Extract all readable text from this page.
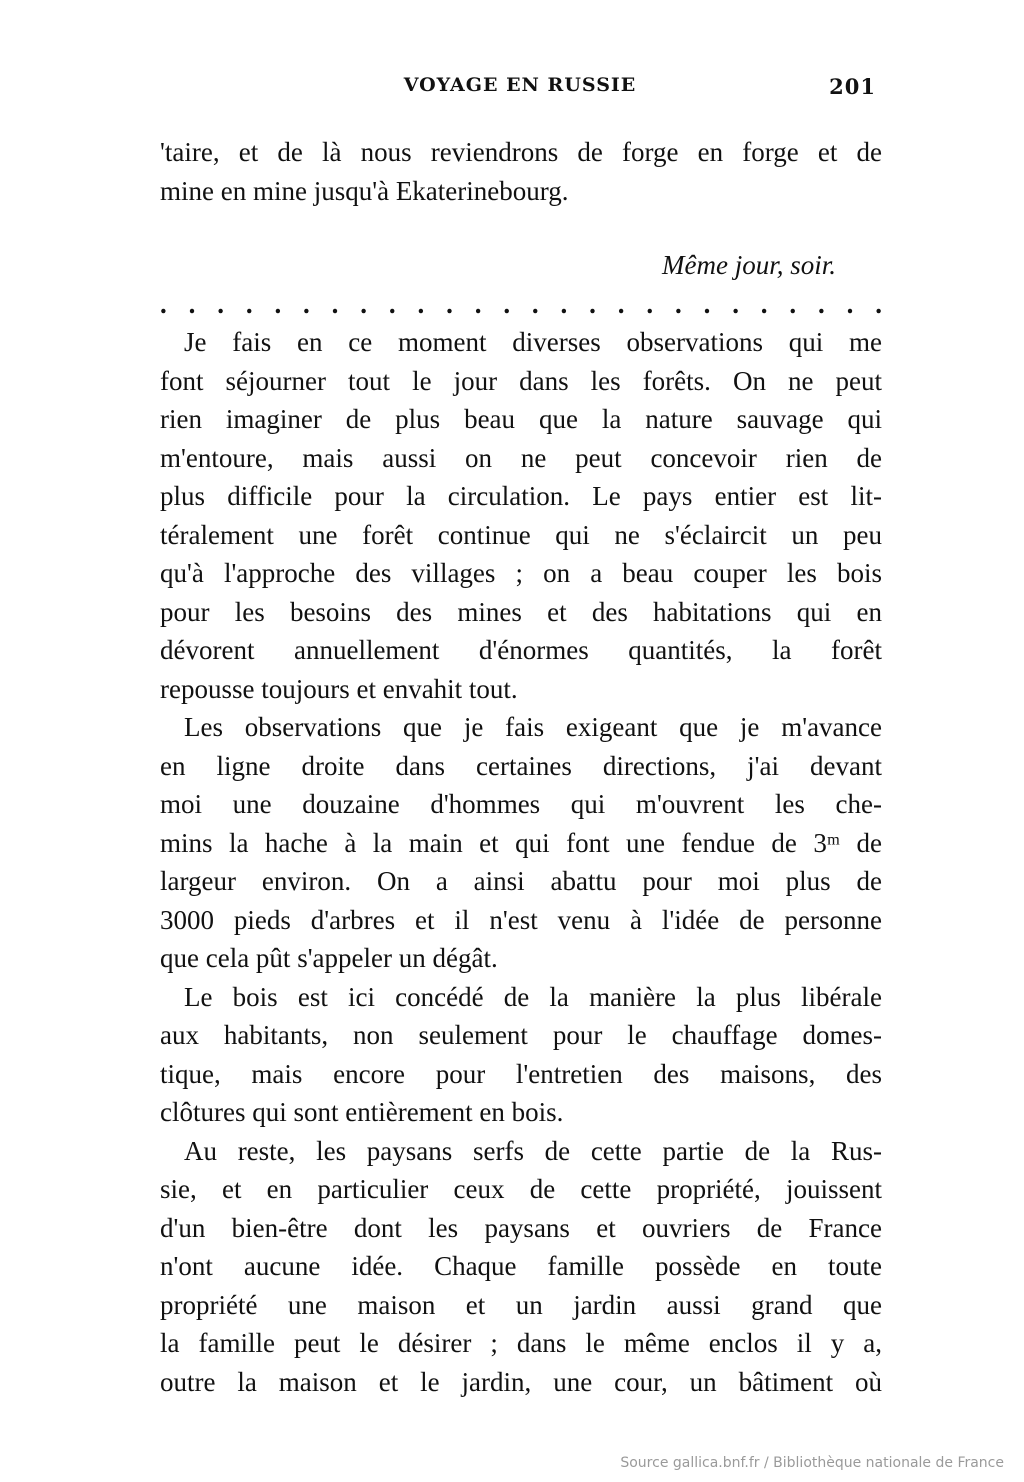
VOYAGE EN RUSSIE	201
'taire, et de là nous reviendrons de forge en forge et de
mine en mine jusqu'à Ekaterinebourg.
Même jour, soir.
. . . . . . . . . . . . . . . . . . . . . . . . . .
Je fais en ce moment diverses observations qui me
font séjourner tout le jour dans les forêts. On ne peut
rien imaginer de plus beau que la nature sauvage qui
m'entoure, mais aussi on ne peut concevoir rien de
plus difficile pour la circulation. Le pays entier est lit-
téralement une forêt continue qui ne s'éclaircit un peu
qu'à l'approche des villages ; on a beau couper les bois
pour les besoins des mines et des habitations qui en
dévorent annuellement d'énormes quantités, la forêt
repousse toujours et envahit tout.
Les observations que je fais exigeant que je m'avance
en ligne droite dans certaines directions, j'ai devant
moi une douzaine d'hommes qui m'ouvrent les che-
mins la hache à la main et qui font une fendue de 3ᵐ de
largeur environ. On a ainsi abattu pour moi plus de
3000 pieds d'arbres et il n'est venu à l'idée de personne
que cela pût s'appeler un dégât.
Le bois est ici concédé de la manière la plus libérale
aux habitants, non seulement pour le chauffage domes-
tique, mais encore pour l'entretien des maisons, des
clôtures qui sont entièrement en bois.
Au reste, les paysans serfs de cette partie de la Rus-
sie, et en particulier ceux de cette propriété, jouissent
d'un bien-être dont les paysans et ouvriers de France
n'ont aucune idée. Chaque famille possède en toute
propriété une maison et un jardin aussi grand que
la famille peut le désirer ; dans le même enclos il y a,
outre la maison et le jardin, une cour, un bâtiment où
Source gallica.bnf.fr / Bibliothèque nationale de France
